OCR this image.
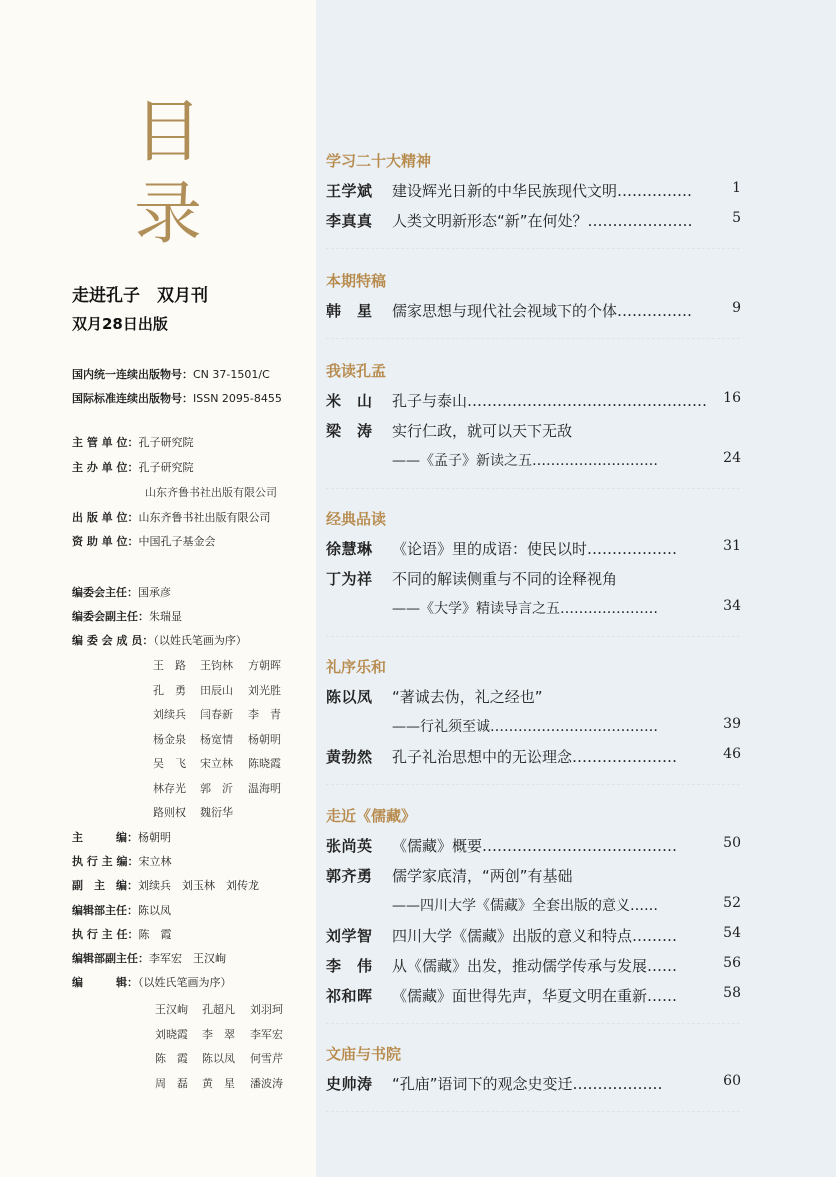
目
录
走进孔子　双月刊
双月28日出版
国内统一连续出版物号：CN 37-1501/C
国际标准连续出版物号：ISSN 2095-8455
主 管 单 位：孔子研究院
主 办 单 位：孔子研究院
山东齐鲁书社出版有限公司
出 版 单 位：山东齐鲁书社出版有限公司
资 助 单 位：中国孔子基金会
编委会主任：国承彦
编委会副主任：朱瑞显
编 委 会 成 员：（以姓氏笔画为序）
王　路 王钧林 方朝晖
孔　勇 田辰山 刘光胜
刘续兵 闫春新 李　青
杨金泉 杨宽情 杨朝明
吴　飞 宋立林 陈晓霞
林存光 郭　沂 温海明
路则权 魏衍华
主　　　编：杨朝明
执 行 主 编：宋立林
副　主　编：刘续兵　刘玉林　刘传龙
编辑部主任：陈以凤
执 行 主 任：陈　霞
编辑部副主任：李军宏　王汉峋
编　　　辑：（以姓氏笔画为序）
王汉峋 孔超凡 刘羽珂
刘晓霞 李　翠 李军宏
陈　霞 陈以凤 何雪芹
周　磊 黄　星 潘波涛
学习二十大精神
王学斌 建设辉光日新的中华民族现代文明……………	1
李真真 人类文明新形态“新”在何处？…………………	5
本期特稿
韩　星 儒家思想与现代社会视域下的个体……………	9
我读孔孟
米　山 孔子与泰山………………………………………… 16
梁　涛 实行仁政，就可以天下无敌
——《孟子》新读之五………………………	24
经典品读
徐慧琳 《论语》里的成语：使民以时………………	31
丁为祥 不同的解读侧重与不同的诠释视角
——《大学》精读导言之五…………………	34
礼序乐和
陈以凤 “著诚去伪，礼之经也”
——行礼须至诚………………………………	39
黄勃然 孔子礼治思想中的无讼理念…………………	46
走近《儒藏》
张尚英 《儒藏》概要…………………………………	50
郭齐勇 儒学家底清，“两创”有基础
——四川大学《儒藏》全套出版的意义……	52
刘学智 四川大学《儒藏》出版的意义和特点………	54
李　伟 从《儒藏》出发，推动儒学传承与发展……	56
祁和晖 《儒藏》面世得先声，华夏文明在重新……	58
文庙与书院
史帅涛 “孔庙”语词下的观念史变迁………………	60
